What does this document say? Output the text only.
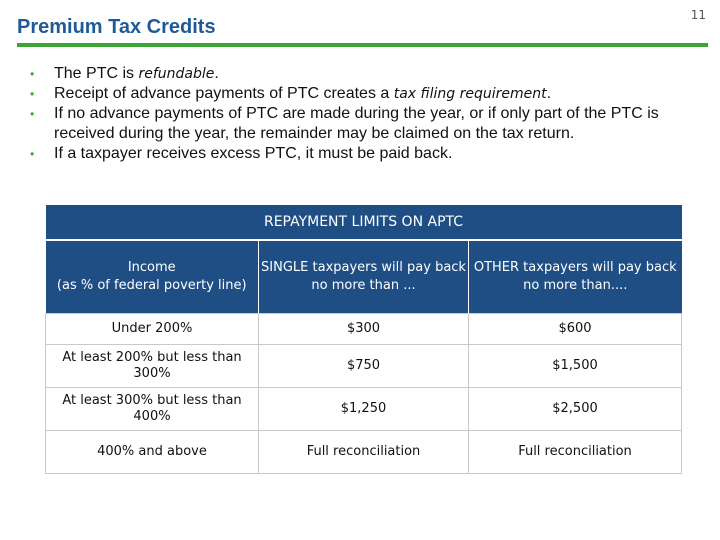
11
Premium Tax Credits
• The PTC is refundable.
• Receipt of advance payments of PTC creates a tax filing requirement.
• If no advance payments of PTC are made during the year, or if only part of the PTC is received during the year, the remainder may be claimed on the tax return.
• If a taxpayer receives excess PTC, it must be paid back.
REPAYMENT LIMITS ON APTC		
Income
(as % of federal poverty line)	SINGLE taxpayers will pay back no more than ...	OTHER taxpayers will pay back no more than....
Under 200%	$300	$600
At least 200% but less than 300%	$750	$1,500
At least 300% but less than 400%	$1,250	$2,500
400% and above	Full reconciliation	Full reconciliation
